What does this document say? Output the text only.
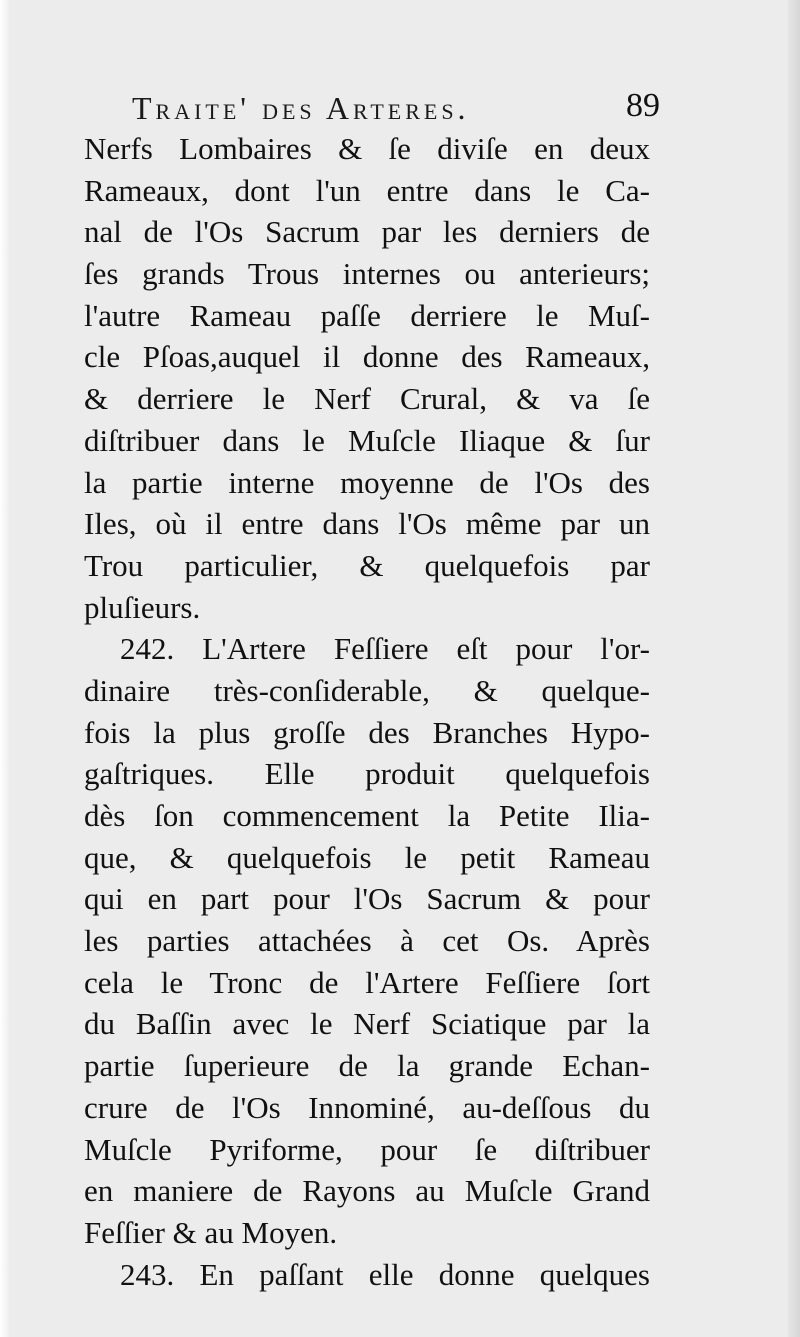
Traite' des Arteres.	89
Nerfs Lombaires & ſe diviſe en deux
Rameaux, dont l'un entre dans le Ca-
nal de l'Os Sacrum par les derniers de
ſes grands Trous internes ou anterieurs;
l'autre Rameau paſſe derriere le Muſ-
cle Pſoas,auquel il donne des Rameaux,
& derriere le Nerf Crural, & va ſe
diſtribuer dans le Muſcle Iliaque & ſur
la partie interne moyenne de l'Os des
Iles, où il entre dans l'Os même par un
Trou particulier, & quelquefois par
pluſieurs.
242. L'Artere Feſſiere eſt pour l'or-
dinaire très-conſiderable, & quelque-
fois la plus groſſe des Branches Hypo-
gaſtriques. Elle produit quelquefois
dès ſon commencement la Petite Ilia-
que, & quelquefois le petit Rameau
qui en part pour l'Os Sacrum & pour
les parties attachées à cet Os. Après
cela le Tronc de l'Artere Feſſiere ſort
du Baſſin avec le Nerf Sciatique par la
partie ſuperieure de la grande Echan-
crure de l'Os Innominé, au-deſſous du
Muſcle Pyriforme, pour ſe diſtribuer
en maniere de Rayons au Muſcle Grand
Feſſier & au Moyen.
243. En paſſant elle donne quelques
